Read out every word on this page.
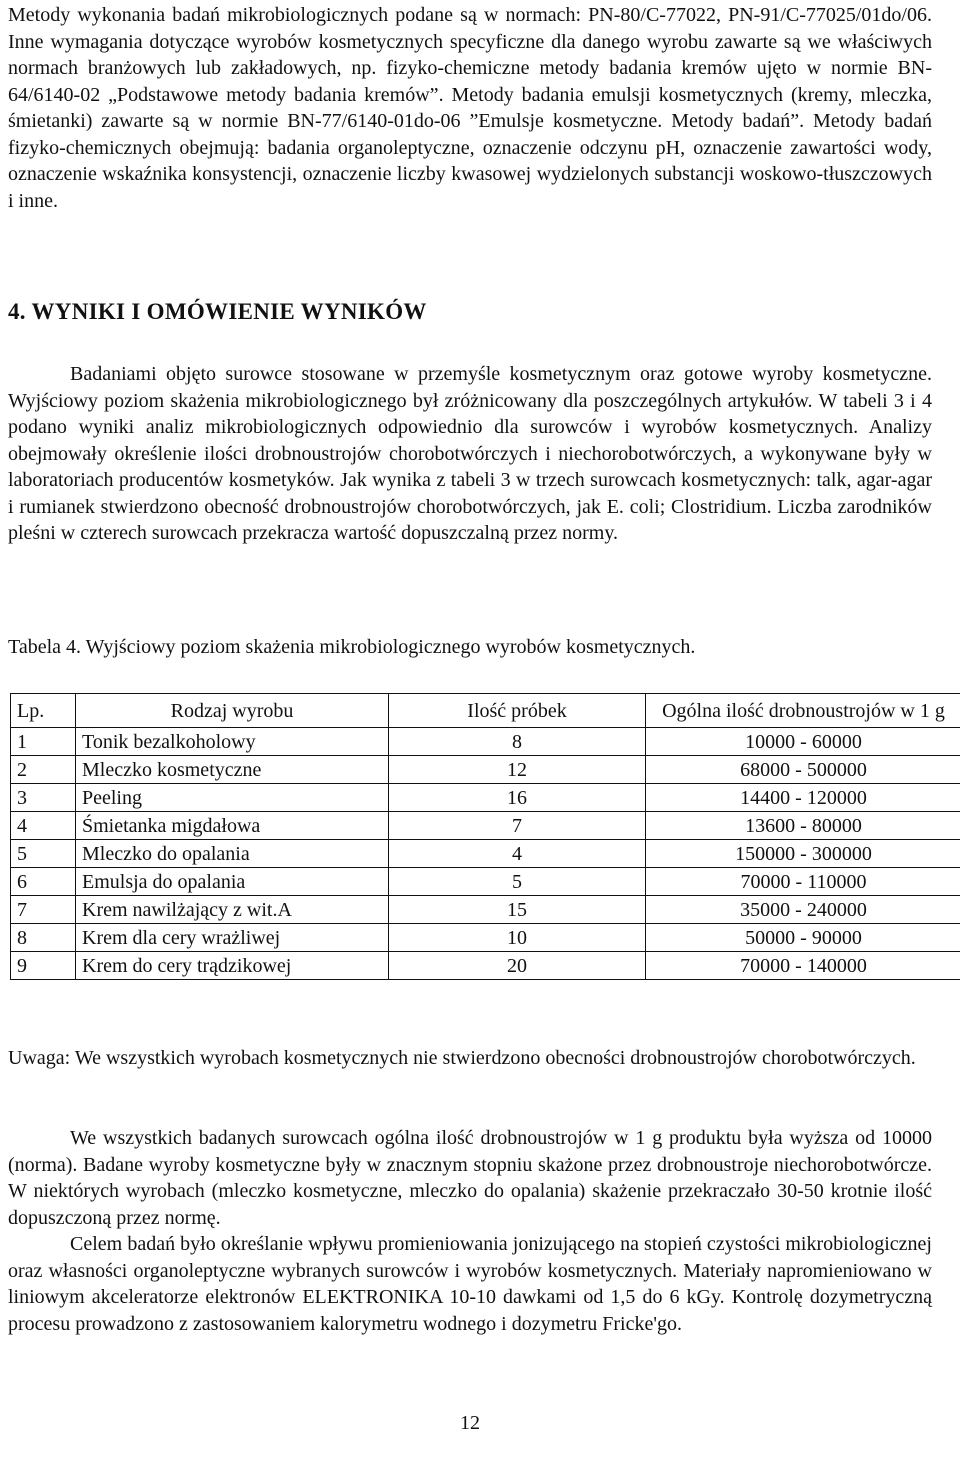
Metody wykonania badań mikrobiologicznych podane są w normach: PN-80/C-77022, PN-91/C-77025/01do/06. Inne wymagania dotyczące wyrobów kosmetycznych specyficzne dla danego wyrobu zawarte są we właściwych normach branżowych lub zakładowych, np. fizyko-chemiczne metody badania kremów ujęto w normie BN-64/6140-02 „Podstawowe metody badania kremów”. Metody badania emulsji kosmetycznych (kremy, mleczka, śmietanki) zawarte są w normie BN-77/6140-01do-06 ”Emulsje kosmetyczne. Metody badań”. Metody badań fizyko-chemicznych obejmują: badania organoleptyczne, oznaczenie odczynu pH, oznaczenie zawartości wody, oznaczenie wskaźnika konsystencji, oznaczenie liczby kwasowej wydzielonych substancji woskowo-tłuszczowych i inne.

4. WYNIKI I OMÓWIENIE WYNIKÓW

Badaniami objęto surowce stosowane w przemyśle kosmetycznym oraz gotowe wyroby kosmetyczne. Wyjściowy poziom skażenia mikrobiologicznego był zróżnicowany dla poszczególnych artykułów. W tabeli 3 i 4 podano wyniki analiz mikrobiologicznych odpowiednio dla surowców i wyrobów kosmetycznych. Analizy obejmowały określenie ilości drobnoustrojów chorobotwórczych i niechorobotwórczych, a wykonywane były w laboratoriach producentów kosmetyków. Jak wynika z tabeli 3 w trzech surowcach kosmetycznych: talk, agar-agar i rumianek stwierdzono obecność drobnoustrojów chorobotwórczych, jak E. coli; Clostridium. Liczba zarodników pleśni w czterech surowcach przekracza wartość dopuszczalną przez normy.

Tabela 4. Wyjściowy poziom skażenia mikrobiologicznego wyrobów kosmetycznych.

Lp.	Rodzaj wyrobu	Ilość próbek	Ogólna ilość drobnoustrojów w 1 g
1	Tonik bezalkoholowy	8	10000 - 60000
2	Mleczko kosmetyczne	12	68000 - 500000
3	Peeling	16	14400 - 120000
4	Śmietanka migdałowa	7	13600 - 80000
5	Mleczko do opalania	4	150000 - 300000
6	Emulsja do opalania	5	70000 - 110000
7	Krem nawilżający z wit.A	15	35000 - 240000
8	Krem dla cery wrażliwej	10	50000 - 90000
9	Krem do cery trądzikowej	20	70000 - 140000

Uwaga: We wszystkich wyrobach kosmetycznych nie stwierdzono obecności drobnoustrojów chorobotwórczych.

We wszystkich badanych surowcach ogólna ilość drobnoustrojów w 1 g produktu była wyższa od 10000 (norma). Badane wyroby kosmetyczne były w znacznym stopniu skażone przez drobnoustroje niechorobotwórcze. W niektórych wyrobach (mleczko kosmetyczne, mleczko do opalania) skażenie przekraczało 30-50 krotnie ilość dopuszczoną przez normę.

Celem badań było określanie wpływu promieniowania jonizującego na stopień czystości mikrobiologicznej oraz własności organoleptyczne wybranych surowców i wyrobów kosmetycznych. Materiały napromieniowano w liniowym akceleratorze elektronów ELEKTRONIKA 10-10 dawkami od 1,5 do 6 kGy. Kontrolę dozymetryczną procesu prowadzono z zastosowaniem kalorymetru wodnego i dozymetru Fricke'go.

12
